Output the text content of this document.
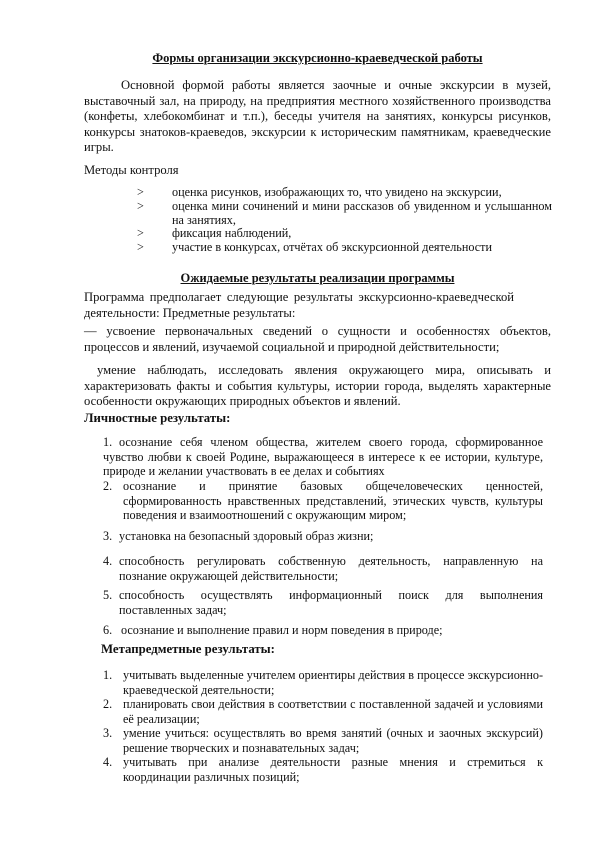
Формы организации экскурсионно-краеведческой работы
Основной формой работы является заочные и очные экскурсии в музей, выставочный зал, на природу, на предприятия местного хозяйственного производства (конфеты, хлебокомбинат и т.п.), беседы учителя на занятиях, конкурсы рисунков, конкурсы знатоков-краеведов, экскурсии к историческим памятникам, краеведческие игры.
Методы контроля
> оценка рисунков, изображающих то, что увидено на экскурсии,
> оценка мини сочинений и мини рассказов об увиденном и услышанном на занятиях,
> фиксация наблюдений,
> участие в конкурсах, отчётах об экскурсионной деятельности
Ожидаемые результаты реализации программы
Программа предполагает следующие результаты экскурсионно-краеведческой деятельности: Предметные результаты:
— усвоение первоначальных сведений о сущности и особенностях объектов, процессов и явлений, изучаемой социальной и природной действительности;
умение наблюдать, исследовать явления окружающего мира, описывать и характеризовать факты и события культуры, истории города, выделять характерные особенности окружающих природных объектов и явлений.
Личностные результаты:
1. осознание себя членом общества, жителем своего города, сформированное чувство любви к своей Родине, выражающееся в интересе к ее истории, культуре, природе и желании участвовать в ее делах и событиях
2. осознание и принятие базовых общечеловеческих ценностей, сформированность нравственных представлений, этических чувств, культуры поведения и взаимоотношений с окружающим миром;
3. установка на безопасный здоровый образ жизни;
4. способность регулировать собственную деятельность, направленную на познание окружающей действительности;
5. способность осуществлять информационный поиск для выполнения поставленных задач;
6. осознание и выполнение правил и норм поведения в природе;
Метапредметные результаты:
1. учитывать выделенные учителем ориентиры действия в процессе экскурсионно-краеведческой деятельности;
2. планировать свои действия в соответствии с поставленной задачей и условиями её реализации;
3. умение учиться: осуществлять во время занятий (очных и заочных экскурсий) решение творческих и познавательных задач;
4. учитывать при анализе деятельности разные мнения и стремиться к координации различных позиций;
